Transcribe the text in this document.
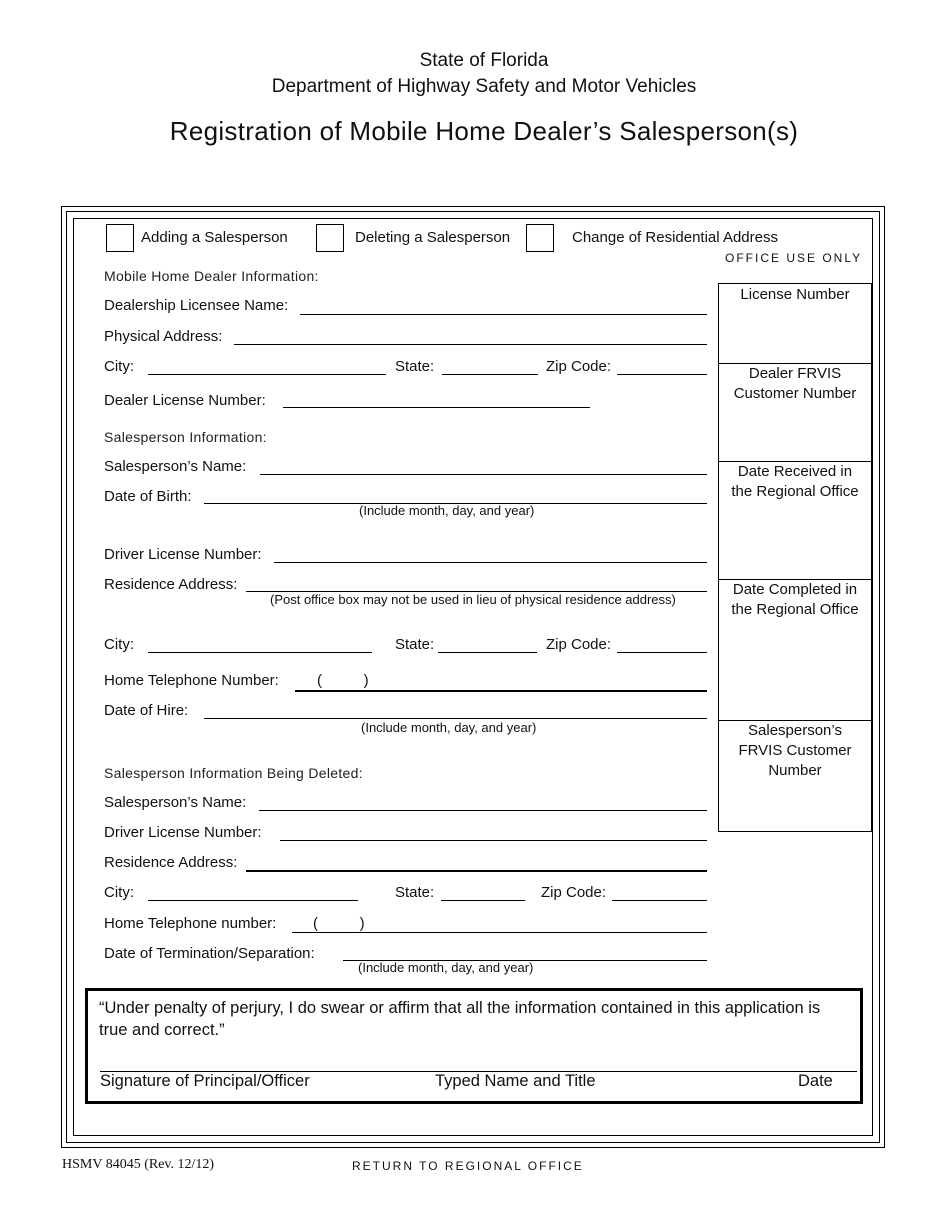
State of Florida
Department of Highway Safety and Motor Vehicles
Registration of Mobile Home Dealer’s Salesperson(s)
Adding a Salesperson	Deleting a Salesperson	Change of Residential Address
OFFICE USE ONLY
License Number
Dealer FRVIS Customer Number
Date Received in the Regional Office
Date Completed in the Regional Office
Salesperson’s FRVIS Customer Number
Mobile Home Dealer Information:
Dealership Licensee Name:
Physical Address:
City:	State:	Zip Code:
Dealer License Number:
Salesperson Information:
Salesperson’s Name:
Date of Birth:
(Include month, day, and year)
Driver License Number:
Residence Address:
(Post office box may not be used in lieu of physical residence address)
City:	State:	Zip Code:
Home Telephone Number:	(          )
Date of Hire:
(Include month, day, and year)
Salesperson Information Being Deleted:
Salesperson’s Name:
Driver License Number:
Residence Address:
City:	State:	Zip Code:
Home Telephone number: (          )
Date of Termination/Separation:
(Include month, day, and year)
“Under penalty of perjury, I do swear or affirm that all the information contained in this application is true and correct.”
Signature of Principal/Officer	Typed Name and Title	Date
HSMV 84045 (Rev. 12/12)	RETURN TO REGIONAL OFFICE
